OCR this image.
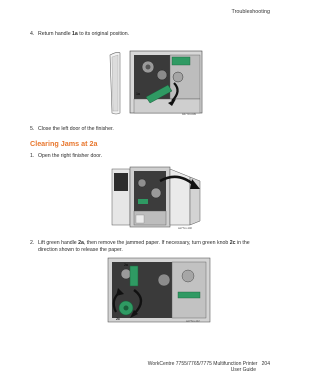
Troubleshooting
4. Return handle 1a to its original position.
1a
wc77xx-099
5. Close the left door of the finisher.
Clearing Jams at 2a
1. Open the right finisher door.
wc77xx-140
2. Lift green handle 2a, then remove the jammed paper. If necessary, turn green knob 2c in the
direction shown to release the paper.
2a
2c
wc77xx-112
WorkCentre 7755/7765/7775 Multifunction Printer 204
User Guide
